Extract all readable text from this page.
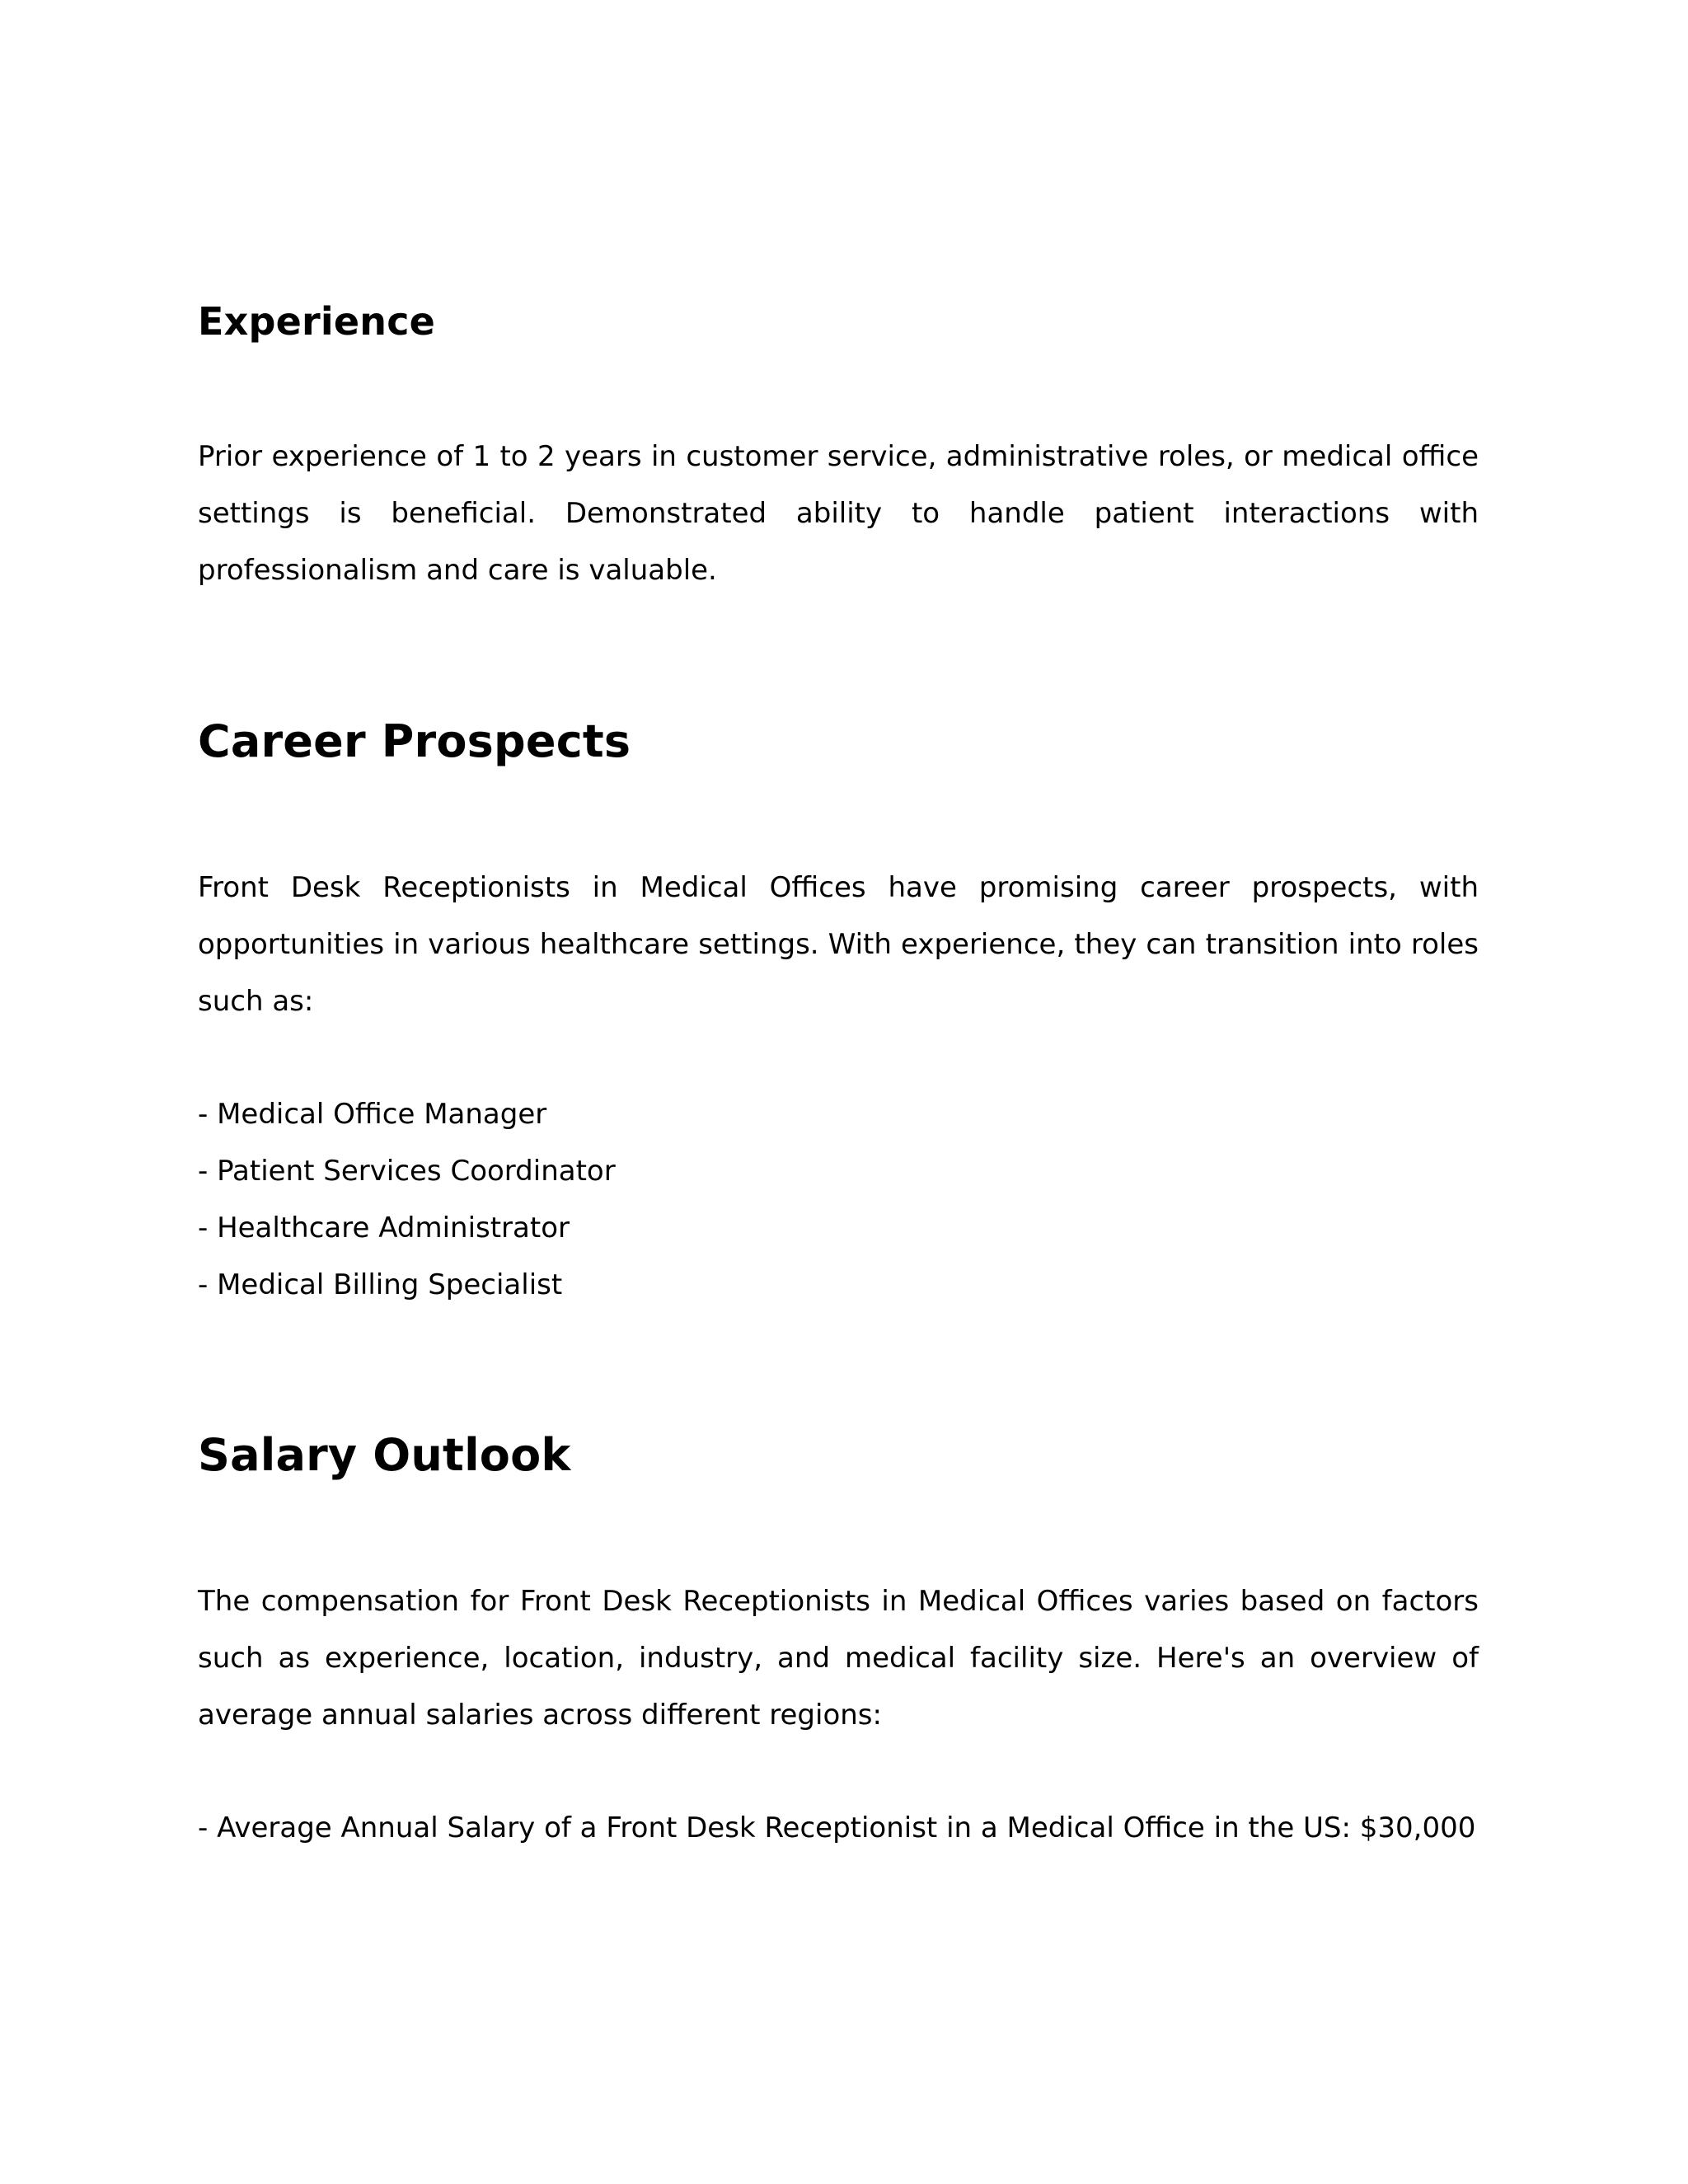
Experience

Prior experience of 1 to 2 years in customer service, administrative roles, or medical office settings is beneficial. Demonstrated ability to handle patient interactions with professionalism and care is valuable.

Career Prospects

Front Desk Receptionists in Medical Offices have promising career prospects, with opportunities in various healthcare settings. With experience, they can transition into roles such as:

- Medical Office Manager
- Patient Services Coordinator
- Healthcare Administrator
- Medical Billing Specialist
Salary Outlook

The compensation for Front Desk Receptionists in Medical Offices varies based on factors such as experience, location, industry, and medical facility size. Here's an overview of average annual salaries across different regions:

- Average Annual Salary of a Front Desk Receptionist in a Medical Office in the US: $30,000
